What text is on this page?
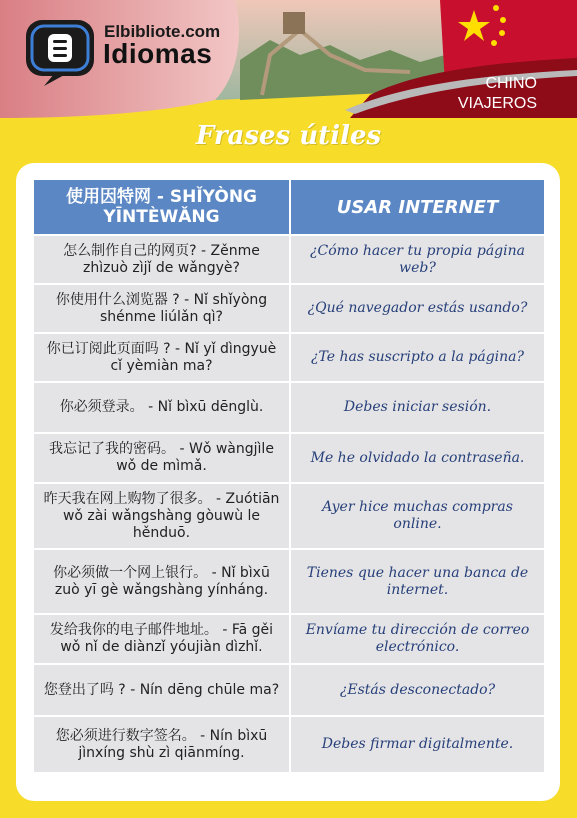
Elbibliote.com
Idiomas
CHINO
VIAJEROS
Frases útiles
使用因特网 - SHǏYÒNG YĪNTÈWǍNG	USAR INTERNET
怎么制作自己的网页? - Zěnme zhìzuò zìjǐ de wǎngyè?	¿Cómo hacer tu propia página web?
你使用什么浏览器 ? - Nǐ shǐyòng shénme liúlǎn qì?	¿Qué navegador estás usando?
你已订阅此页面吗 ? - Nǐ yǐ dìngyuè cǐ yèmiàn ma?	¿Te has suscripto a la página?
你必须登录。 - Nǐ bìxū dēnglù.	Debes iniciar sesión.
我忘记了我的密码。 - Wǒ wàngjìle wǒ de mìmǎ.	Me he olvidado la contraseña.
昨天我在网上购物了很多。 - Zuótiān wǒ zài wǎngshàng gòuwù le hěnduō.	Ayer hice muchas compras online.
你必须做一个网上银行。 - Nǐ bìxū zuò yī gè wǎngshàng yínháng.	Tienes que hacer una banca de internet.
发给我你的电子邮件地址。 - Fā gěi wǒ nǐ de diànzǐ yóujiàn dìzhǐ.	Envíame tu dirección de correo electrónico.
您登出了吗 ? - Nín dēng chūle ma?	¿Estás desconectado?
您必须进行数字签名。 - Nín bìxū jìnxíng shù zì qiānmíng.	Debes firmar digitalmente.
